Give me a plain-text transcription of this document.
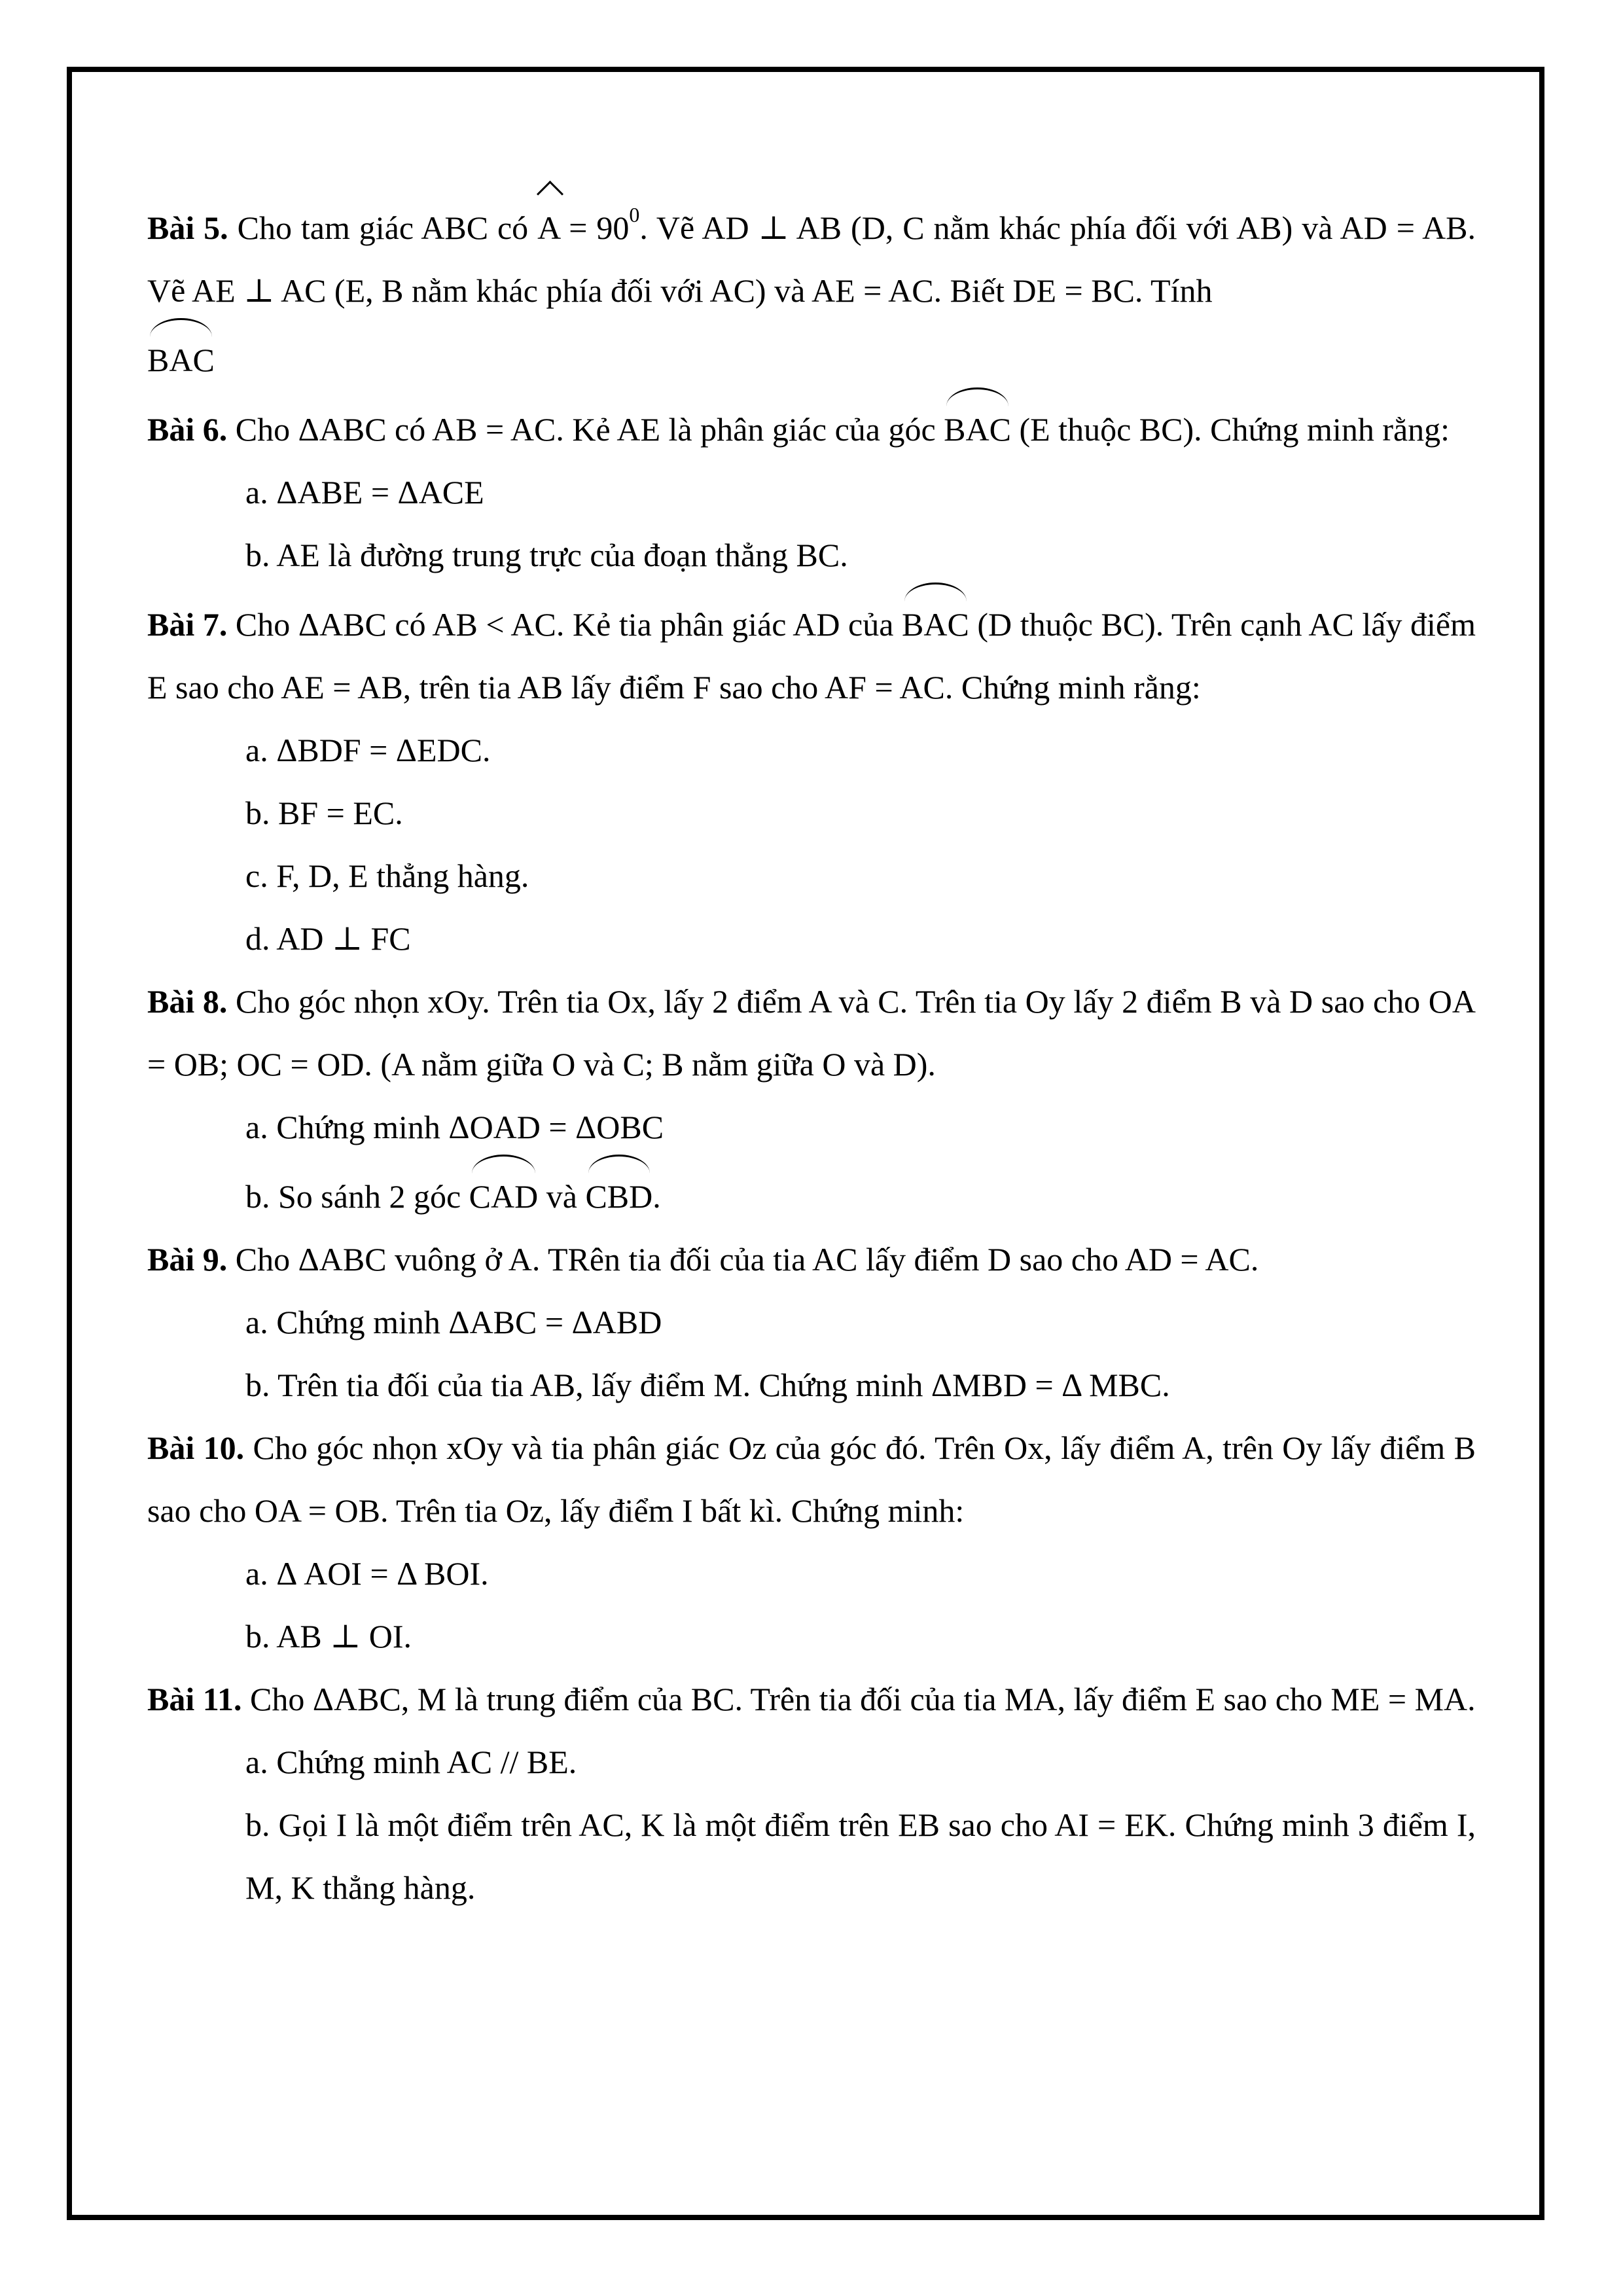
Bài 5. Cho tam giác ABC có $A = 90^0$. Vẽ AD ⊥ AB (D, C nằm khác phía đối với AB) và AD = AB. Vẽ AE ⊥ AC (E, B nằm khác phía đối với AC) và AE = AC. Biết DE = BC. Tính
BAC
Bài 6. Cho ΔABC có AB = AC. Kẻ AE là phân giác của góc BAC (E thuộc BC). Chứng minh rằng:
a. ΔABE = ΔACE
b. AE là đường trung trực của đoạn thẳng BC.
Bài 7. Cho ΔABC có AB < AC. Kẻ tia phân giác AD của BAC (D thuộc BC). Trên cạnh AC lấy điểm E sao cho AE = AB, trên tia AB lấy điểm F sao cho AF = AC. Chứng minh rằng:
a. ΔBDF = ΔEDC.
b. BF = EC.
c. F, D, E thẳng hàng.
d. AD ⊥ FC
Bài 8. Cho góc nhọn xOy. Trên tia Ox, lấy 2 điểm A và C. Trên tia Oy lấy 2 điểm B và D sao cho OA = OB; OC = OD. (A nằm giữa O và C; B nằm giữa O và D).
a. Chứng minh ΔOAD = ΔOBC
b. So sánh 2 góc CAD và CBD.
Bài 9. Cho ΔABC vuông ở A. TRên tia đối của tia AC lấy điểm D sao cho AD = AC.
a. Chứng minh ΔABC = ΔABD
b. Trên tia đối của tia AB, lấy điểm M. Chứng minh ΔMBD = Δ MBC.
Bài 10. Cho góc nhọn xOy và tia phân giác Oz của góc đó. Trên Ox, lấy điểm A, trên Oy lấy điểm B sao cho OA = OB. Trên tia Oz, lấy điểm I bất kì. Chứng minh:
a. Δ AOI = Δ BOI.
b. AB ⊥ OI.
Bài 11. Cho ΔABC, M là trung điểm của BC. Trên tia đối của tia MA, lấy điểm E sao cho ME = MA.
a. Chứng minh AC // BE.
b. Gọi I là một điểm trên AC, K là một điểm trên EB sao cho AI = EK. Chứng minh 3 điểm I, M, K thẳng hàng.
